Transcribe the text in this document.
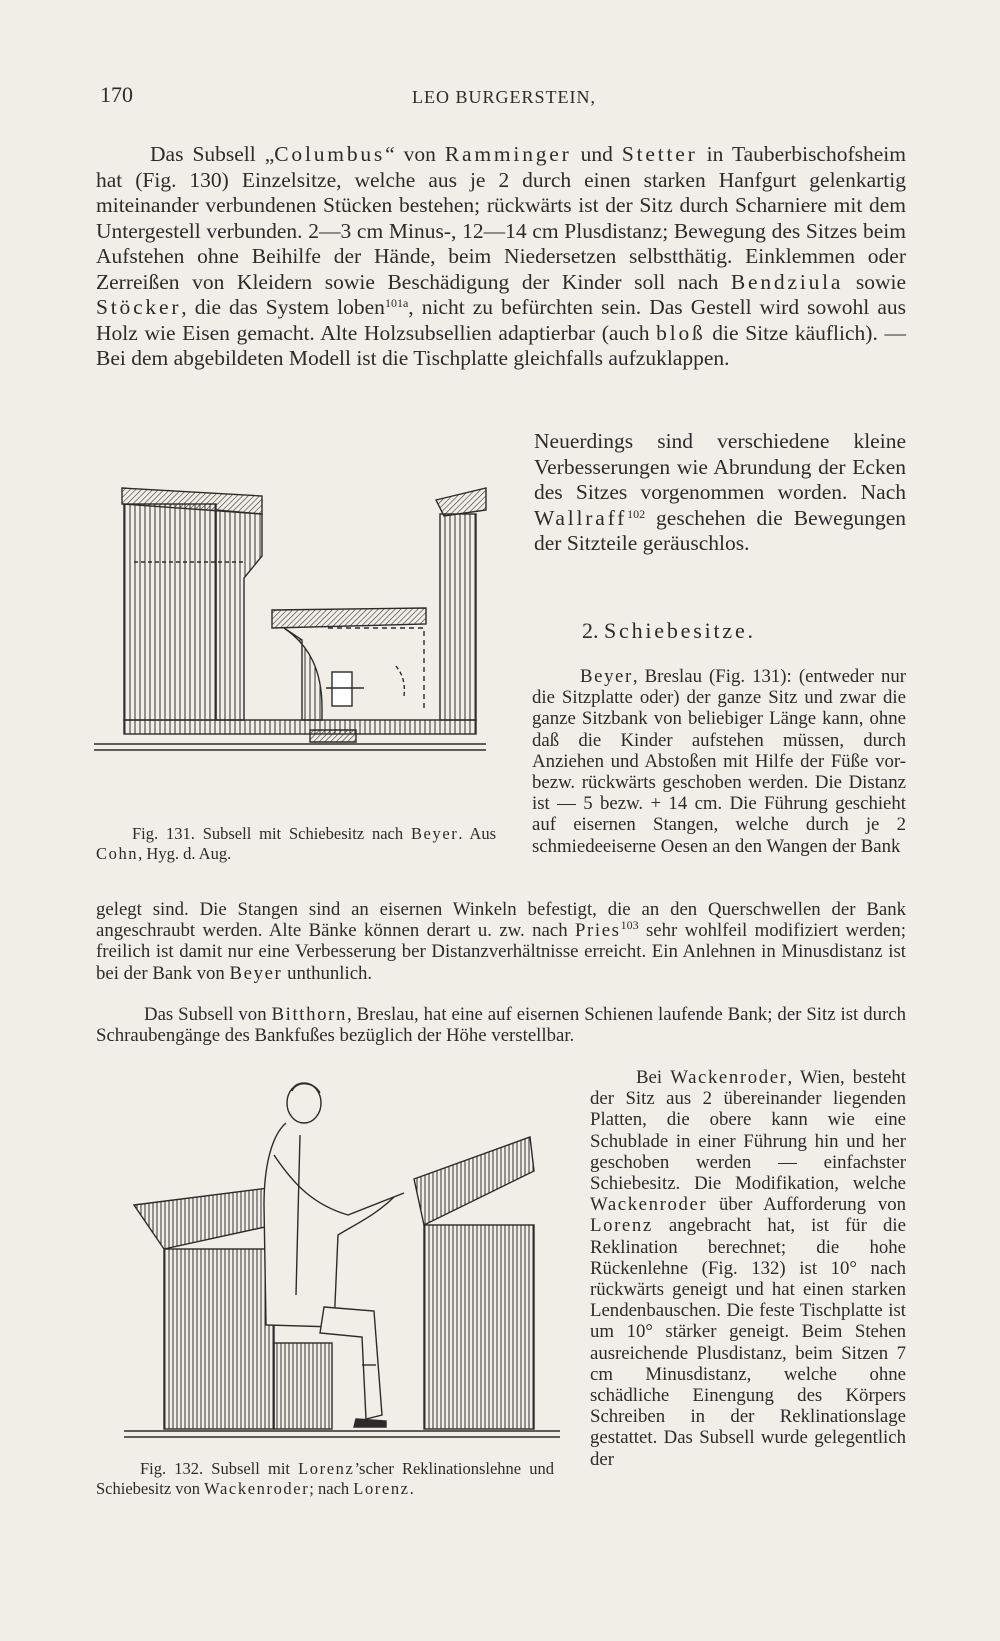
170	LEO BURGERSTEIN,

Das Subsell „Columbus“ von Ramminger und Stetter in Tauberbischofsheim hat (Fig. 130) Einzelsitze, welche aus je 2 durch einen starken Hanfgurt gelenkartig miteinander verbundenen Stücken bestehen; rückwärts ist der Sitz durch Scharniere mit dem Untergestell verbunden. 2—3 cm Minus-, 12—14 cm Plusdistanz; Bewegung des Sitzes beim Aufstehen ohne Beihilfe der Hände, beim Niedersetzen selbstthätig. Einklemmen oder Zerreißen von Kleidern sowie Beschädigung der Kinder soll nach Bendziula sowie Stöcker, die das System loben$^{101a}$, nicht zu befürchten sein. Das Gestell wird sowohl aus Holz wie Eisen gemacht. Alte Holzsubsellien adaptierbar (auch bloß die Sitze käuflich). — Bei dem abgebildeten Modell ist die Tischplatte gleichfalls aufzuklappen.

Neuerdings sind verschiedene kleine Verbesserungen wie Abrundung der Ecken des Sitzes vorgenommen worden. Nach Wallraff$^{102}$ geschehen die Bewegungen der Sitzteile geräuschlos.

2. Schiebesitze.

Beyer, Breslau (Fig. 131): (entweder nur die Sitzplatte oder) der ganze Sitz und zwar die ganze Sitzbank von beliebiger Länge kann, ohne daß die Kinder aufstehen müssen, durch Anziehen und Abstoßen mit Hilfe der Füße vor- bezw. rückwärts geschoben werden. Die Distanz ist — 5 bezw. + 14 cm. Die Führung geschieht auf eisernen Stangen, welche durch je 2 schmiedeeiserne Oesen an den Wangen der Bank

gelegt sind. Die Stangen sind an eisernen Winkeln befestigt, die an den Querschwellen der Bank angeschraubt werden. Alte Bänke können derart u. zw. nach Pries$^{103}$ sehr wohlfeil modifiziert werden; freilich ist damit nur eine Verbesserung ber Distanzverhältnisse erreicht. Ein Anlehnen in Minusdistanz ist bei der Bank von Beyer unthunlich.

Das Subsell von Bitthorn, Breslau, hat eine auf eisernen Schienen laufende Bank; der Sitz ist durch Schraubengänge des Bankfußes bezüglich der Höhe verstellbar.

Bei Wackenroder, Wien, besteht der Sitz aus 2 übereinander liegenden Platten, die obere kann wie eine Schublade in einer Führung hin und her geschoben werden — einfachster Schiebesitz. Die Modifikation, welche Wackenroder über Aufforderung von Lorenz angebracht hat, ist für die Reklination berechnet; die hohe Rückenlehne (Fig. 132) ist 10° nach rückwärts geneigt und hat einen starken Lendenbauschen. Die feste Tischplatte ist um 10° stärker geneigt. Beim Stehen ausreichende Plusdistanz, beim Sitzen 7 cm Minusdistanz, welche ohne schädliche Einengung des Körpers Schreiben in der Reklinationslage gestattet. Das Subsell wurde gelegentlich der

Fig. 131. Subsell mit Schiebesitz nach Beyer. Aus Cohn, Hyg. d. Aug.

Fig. 132. Subsell mit Lorenz’scher Reklinationslehne und Schiebesitz von Wackenroder; nach Lorenz.
